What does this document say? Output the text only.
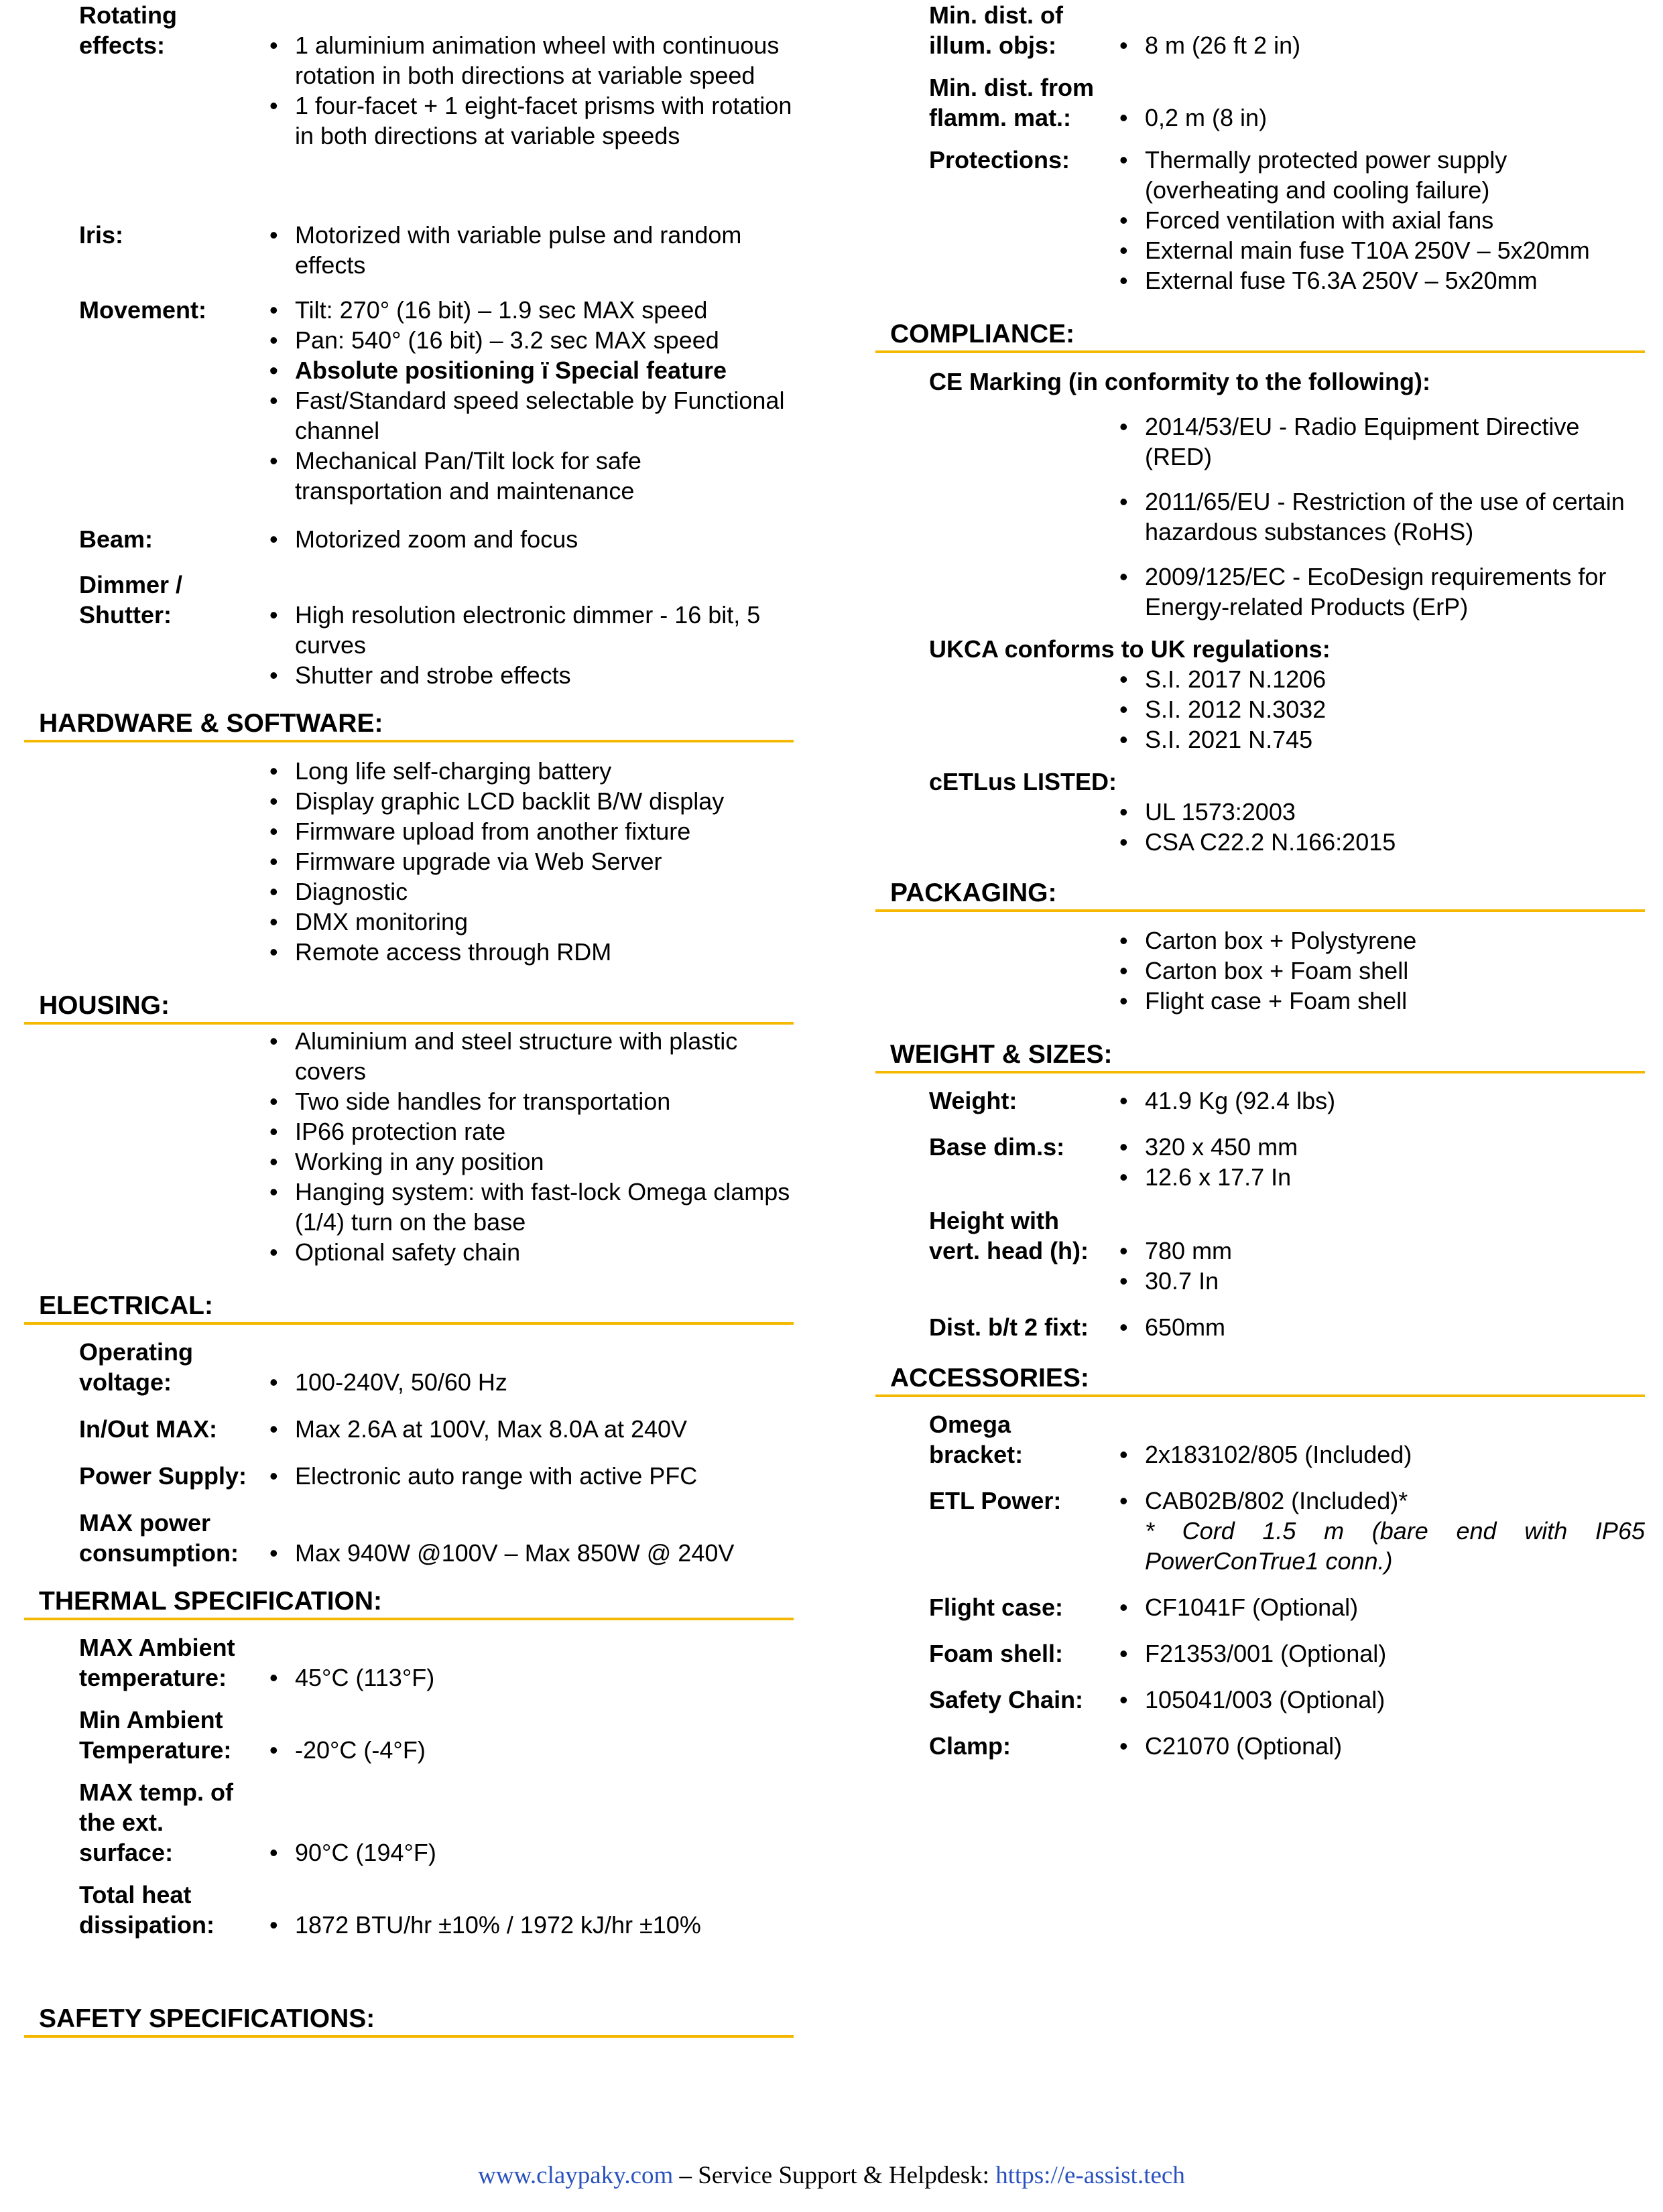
Rotating
effects:	• 1 aluminium animation wheel with continuous rotation in both directions at variable speed
• 1 four-facet + 1 eight-facet prisms with rotation in both directions at variable speeds
Iris:	• Motorized with variable pulse and random effects
Movement:	• Tilt: 270° (16 bit) – 1.9 sec MAX speed
• Pan: 540° (16 bit) – 3.2 sec MAX speed
• Absolute positioning ï Special feature
• Fast/Standard speed selectable by Functional channel
• Mechanical Pan/Tilt lock for safe transportation and maintenance
Beam:	• Motorized zoom and focus
Dimmer /
Shutter:	• High resolution electronic dimmer - 16 bit, 5 curves
• Shutter and strobe effects
HARDWARE & SOFTWARE:
• Long life self-charging battery
• Display graphic LCD backlit B/W display
• Firmware upload from another fixture
• Firmware upgrade via Web Server
• Diagnostic
• DMX monitoring
• Remote access through RDM
HOUSING:
• Aluminium and steel structure with plastic covers
• Two side handles for transportation
• IP66 protection rate
• Working in any position
• Hanging system: with fast-lock Omega clamps (1/4) turn on the base
• Optional safety chain
ELECTRICAL:
Operating
voltage:	• 100-240V, 50/60 Hz
In/Out MAX:	• Max 2.6A at 100V, Max 8.0A at 240V
Power Supply:	• Electronic auto range with active PFC
MAX power
consumption:	• Max 940W @100V – Max 850W @ 240V
THERMAL SPECIFICATION:
MAX Ambient
temperature:	• 45°C (113°F)
Min Ambient
Temperature:	• -20°C (-4°F)
MAX temp. of
the ext.
surface:	• 90°C (194°F)
Total heat
dissipation:	• 1872 BTU/hr ±10% / 1972 kJ/hr ±10%
SAFETY SPECIFICATIONS:
Min. dist. of
illum. objs:	• 8 m (26 ft 2 in)
Min. dist. from
flamm. mat.:	• 0,2 m (8 in)
Protections:	• Thermally protected power supply (overheating and cooling failure)
• Forced ventilation with axial fans
• External main fuse T10A 250V – 5x20mm
• External fuse T6.3A 250V – 5x20mm
COMPLIANCE:
CE Marking (in conformity to the following):
• 2014/53/EU - Radio Equipment Directive (RED)
• 2011/65/EU - Restriction of the use of certain hazardous substances (RoHS)
• 2009/125/EC - EcoDesign requirements for Energy-related Products (ErP)
UKCA conforms to UK regulations:
• S.I. 2017 N.1206
• S.I. 2012 N.3032
• S.I. 2021 N.745
cETLus LISTED:
• UL 1573:2003
• CSA C22.2 N.166:2015
PACKAGING:
• Carton box + Polystyrene
• Carton box + Foam shell
• Flight case + Foam shell
WEIGHT & SIZES:
Weight:	• 41.9 Kg (92.4 lbs)
Base dim.s:	• 320 x 450 mm
• 12.6 x 17.7 In
Height with
vert. head (h):	• 780 mm
• 30.7 In
Dist. b/t 2 fixt:	• 650mm
ACCESSORIES:
Omega
bracket:	• 2x183102/805 (Included)
ETL Power:	• CAB02B/802 (Included)*
* Cord 1.5 m (bare end with IP65
PowerConTrue1 conn.)
Flight case:	• CF1041F (Optional)
Foam shell:	• F21353/001 (Optional)
Safety Chain:	• 105041/003 (Optional)
Clamp:	• C21070 (Optional)
www.claypaky.com – Service Support & Helpdesk: https://e-assist.tech
